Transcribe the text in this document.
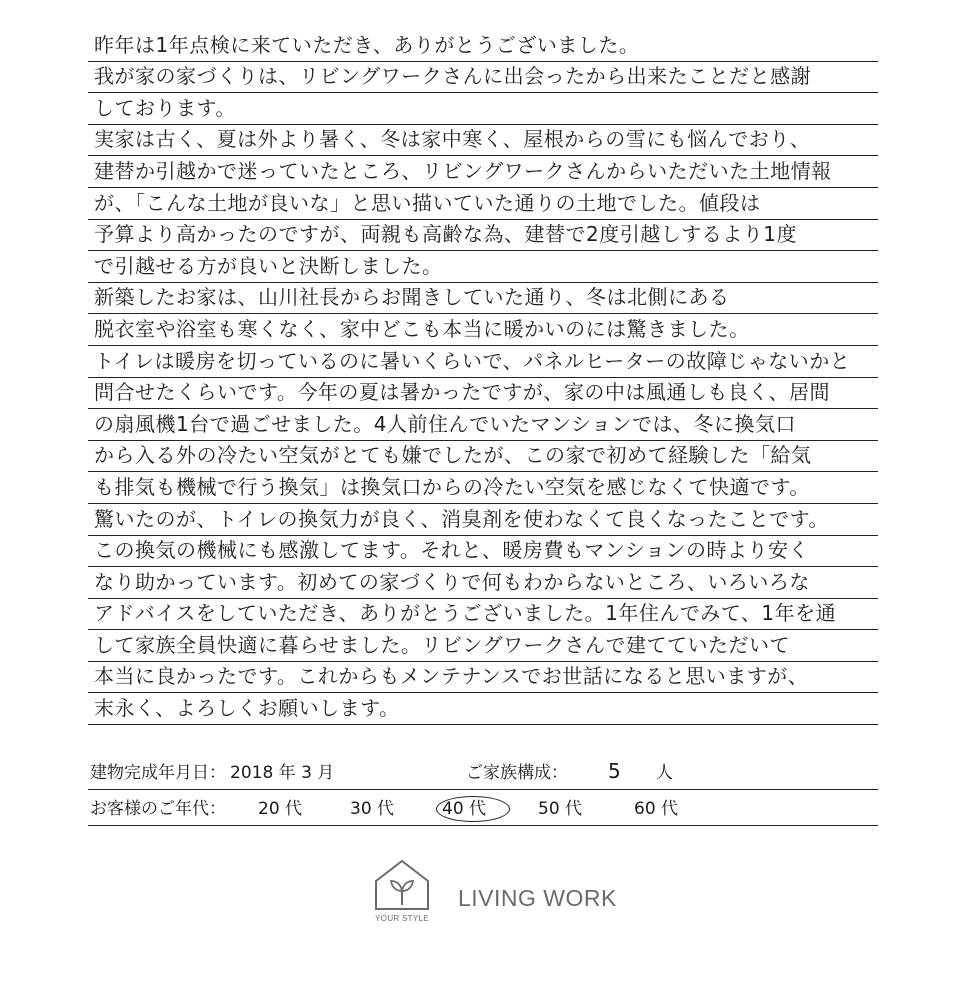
昨年は1年点検に来ていただき、ありがとうございました。
我が家の家づくりは、リビングワークさんに出会ったから出来たことだと感謝
しております。
実家は古く、夏は外より暑く、冬は家中寒く、屋根からの雪にも悩んでおり、
建替か引越かで迷っていたところ、リビングワークさんからいただいた土地情報
が、「こんな土地が良いな」と思い描いていた通りの土地でした。値段は
予算より高かったのですが、両親も高齢な為、建替で2度引越しするより1度
で引越せる方が良いと決断しました。
新築したお家は、山川社長からお聞きしていた通り、冬は北側にある
脱衣室や浴室も寒くなく、家中どこも本当に暖かいのには驚きました。
トイレは暖房を切っているのに暑いくらいで、パネルヒーターの故障じゃないかと
問合せたくらいです。今年の夏は暑かったですが、家の中は風通しも良く、居間
の扇風機1台で過ごせました。4人前住んでいたマンションでは、冬に換気口
から入る外の冷たい空気がとても嫌でしたが、この家で初めて経験した「給気
も排気も機械で行う換気」は換気口からの冷たい空気を感じなくて快適です。
驚いたのが、トイレの換気力が良く、消臭剤を使わなくて良くなったことです。
この換気の機械にも感激してます。それと、暖房費もマンションの時より安く
なり助かっています。初めての家づくりで何もわからないところ、いろいろな
アドバイスをしていただき、ありがとうございました。1年住んでみて、1年を通
して家族全員快適に暮らせました。リビングワークさんで建てていただいて
本当に良かったです。これからもメンテナンスでお世話になると思いますが、
末永く、よろしくお願いします。
建物完成年月日： 2018 年 3 月	ご家族構成： 5 人
お客様のご年代： 20 代	30 代	40 代	50 代	60 代
YOUR STYLE
LIVING WORK
